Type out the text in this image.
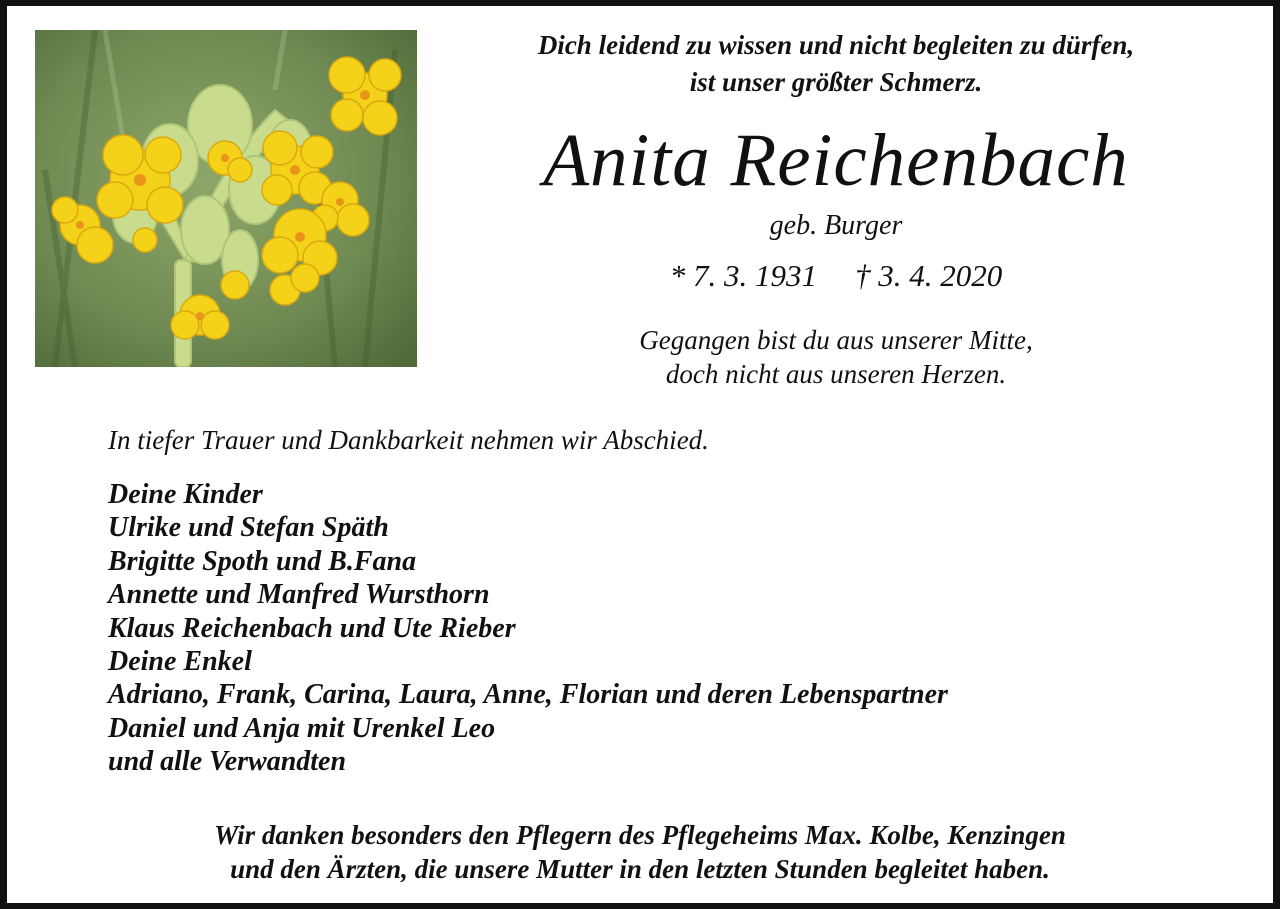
Dich leidend zu wissen und nicht begleiten zu dürfen,
ist unser größter Schmerz.
Anita Reichenbach
geb. Burger
* 7. 3. 1931 † 3. 4. 2020
Gegangen bist du aus unserer Mitte,
doch nicht aus unseren Herzen.
In tiefer Trauer und Dankbarkeit nehmen wir Abschied.
Deine Kinder
Ulrike und Stefan Späth
Brigitte Spoth und B.Fana
Annette und Manfred Wursthorn
Klaus Reichenbach und Ute Rieber
Deine Enkel
Adriano, Frank, Carina, Laura, Anne, Florian und deren Lebenspartner
Daniel und Anja mit Urenkel Leo
und alle Verwandten
Wir danken besonders den Pflegern des Pflegeheims Max. Kolbe, Kenzingen
und den Ärzten, die unsere Mutter in den letzten Stunden begleitet haben.
